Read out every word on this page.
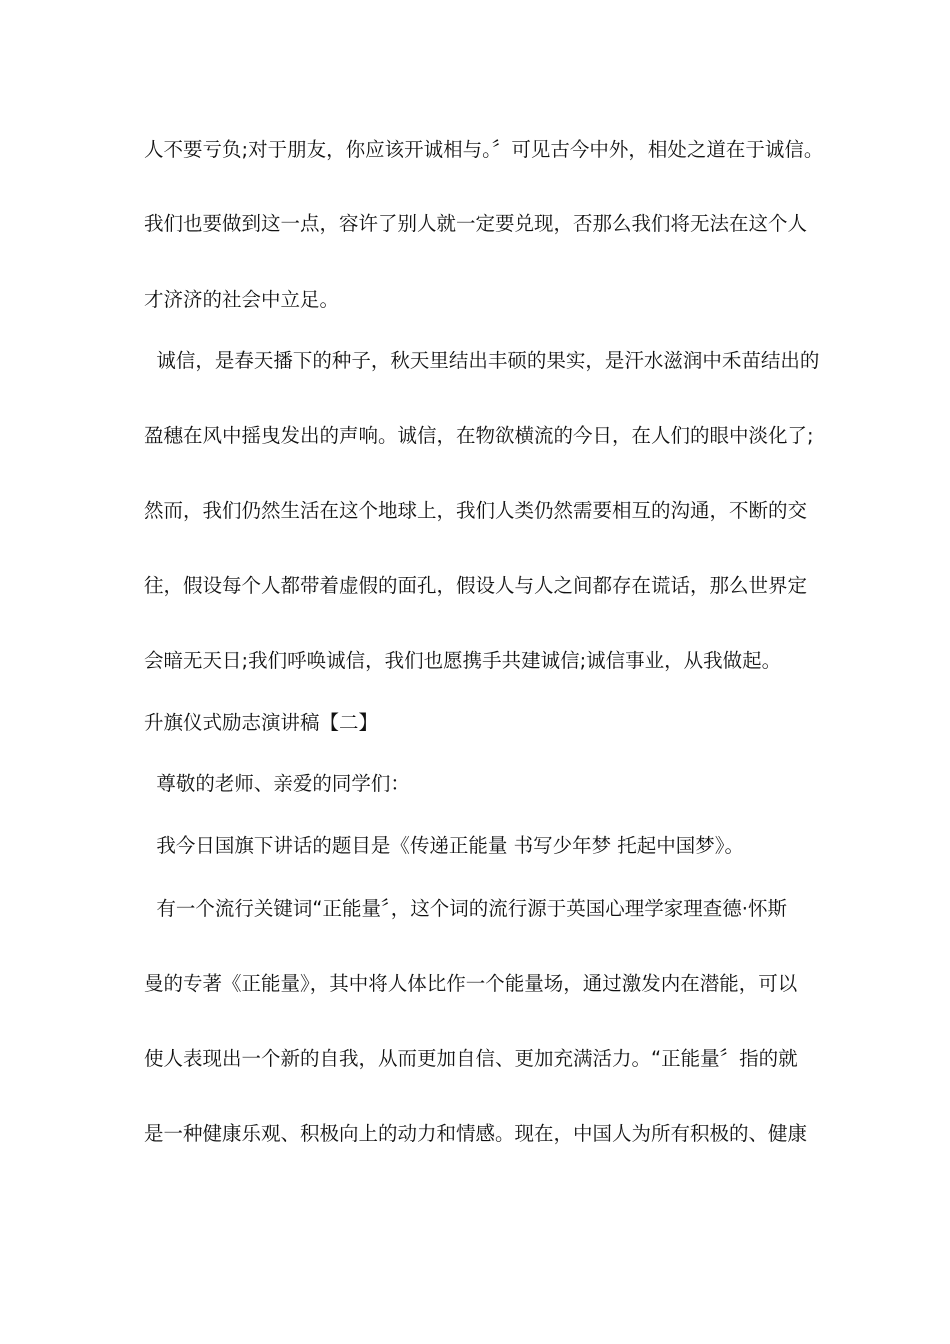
人不要亏负;对于朋友，你应该开诚相与。〞可见古今中外，相处之道在于诚信。
我们也要做到这一点，容许了别人就一定要兑现，否那么我们将无法在这个人
才济济的社会中立足。
诚信，是春天播下的种子，秋天里结出丰硕的果实，是汗水滋润中禾苗结出的
盈穗在风中摇曳发出的声响。诚信，在物欲横流的今日，在人们的眼中淡化了;
然而，我们仍然生活在这个地球上，我们人类仍然需要相互的沟通，不断的交
往，假设每个人都带着虚假的面孔，假设人与人之间都存在谎话，那么世界定
会暗无天日;我们呼唤诚信，我们也愿携手共建诚信;诚信事业，从我做起。
升旗仪式励志演讲稿【二】
尊敬的老师、亲爱的同学们：
我今日国旗下讲话的题目是《传递正能量 书写少年梦 托起中国梦》。
有一个流行关键词“正能量〞，这个词的流行源于英国心理学家理查德·怀斯
曼的专著《正能量》，其中将人体比作一个能量场，通过激发内在潜能，可以
使人表现出一个新的自我，从而更加自信、更加充满活力。“正能量〞指的就
是一种健康乐观、积极向上的动力和情感。现在，中国人为所有积极的、健康
